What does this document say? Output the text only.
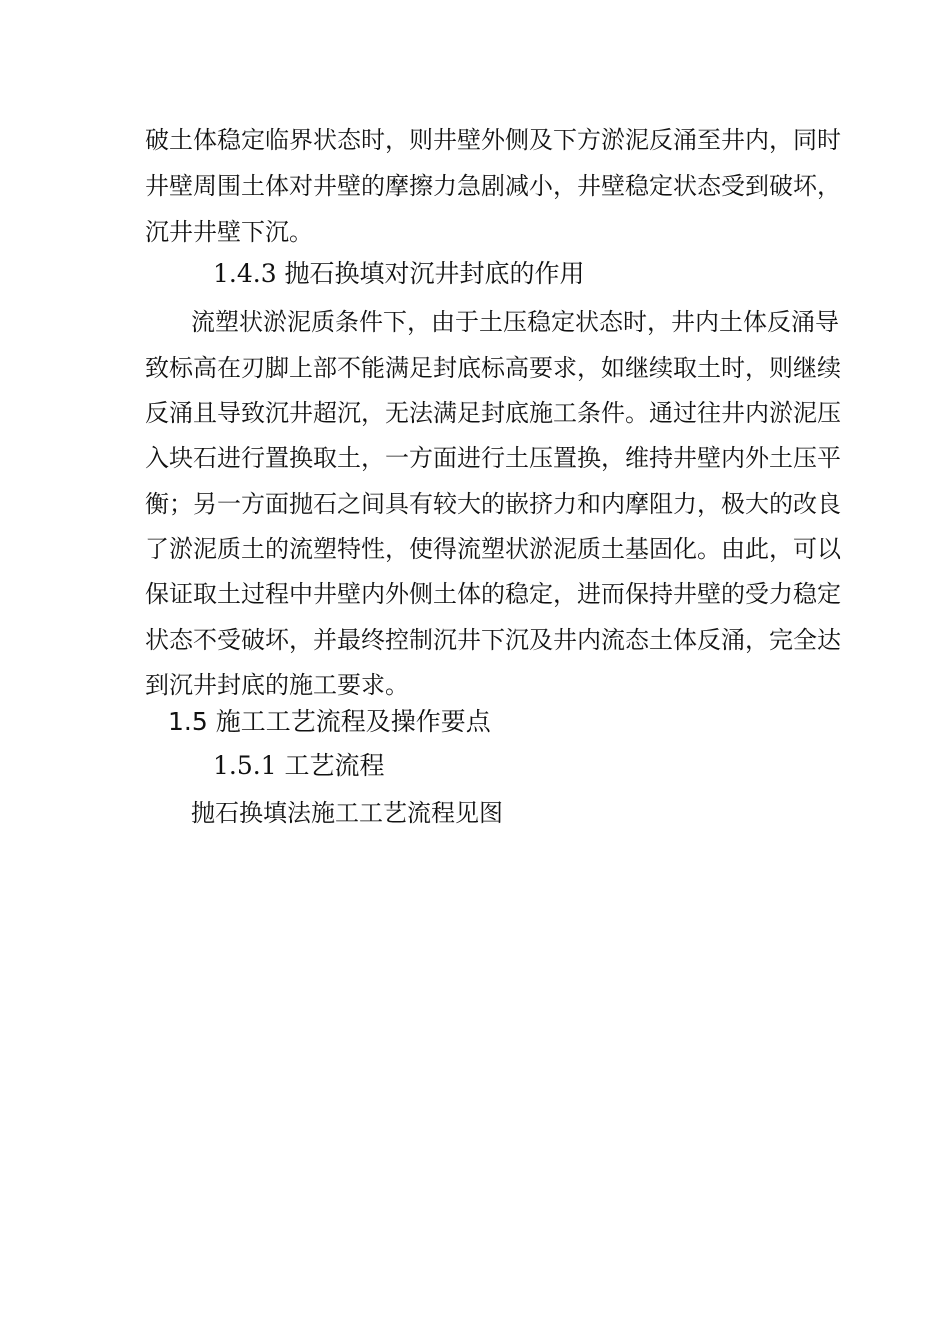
破土体稳定临界状态时，则井壁外侧及下方淤泥反涌至井内，同时
井壁周围土体对井壁的摩擦力急剧减小，井壁稳定状态受到破坏，
沉井井壁下沉。
1.4.3 抛石换填对沉井封底的作用
流塑状淤泥质条件下，由于土压稳定状态时，井内土体反涌导
致标高在刃脚上部不能满足封底标高要求，如继续取土时，则继续
反涌且导致沉井超沉，无法满足封底施工条件。通过往井内淤泥压
入块石进行置换取土，一方面进行土压置换，维持井壁内外土压平
衡；另一方面抛石之间具有较大的嵌挤力和内摩阻力，极大的改良
了淤泥质土的流塑特性，使得流塑状淤泥质土基固化。由此，可以
保证取土过程中井壁内外侧土体的稳定，进而保持井壁的受力稳定
状态不受破坏，并最终控制沉井下沉及井内流态土体反涌，完全达
到沉井封底的施工要求。
1.5 施工工艺流程及操作要点
1.5.1 工艺流程
抛石换填法施工工艺流程见图
